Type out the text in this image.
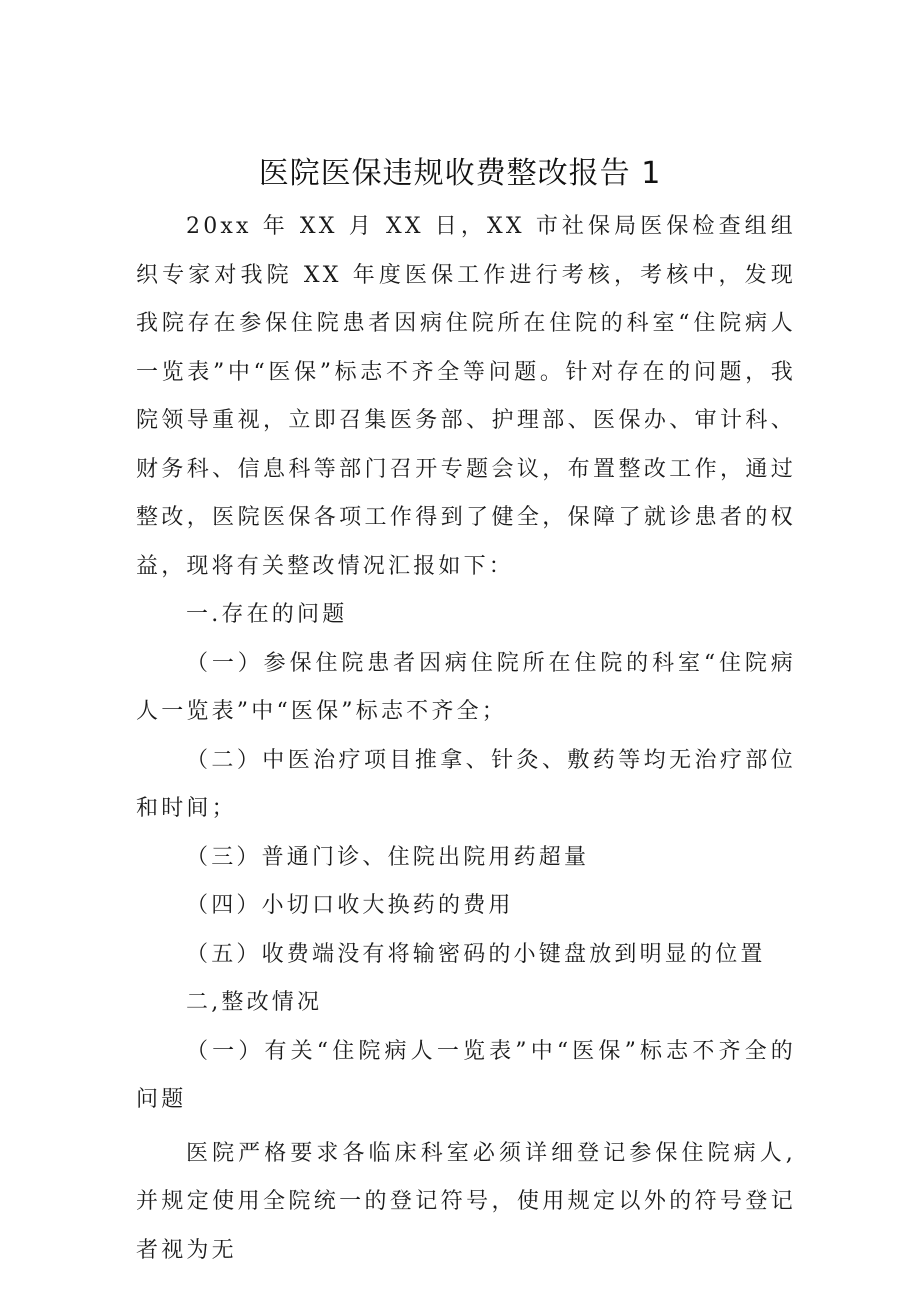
医院医保违规收费整改报告 1

20xx 年 XX 月 XX 日，XX 市社保局医保检查组组织专家对我院 XX 年度医保工作进行考核，考核中，发现我院存在参保住院患者因病住院所在住院的科室“住院病人一览表”中“医保”标志不齐全等问题。针对存在的问题，我院领导重视，立即召集医务部、护理部、医保办、审计科、财务科、信息科等部门召开专题会议，布置整改工作，通过整改，医院医保各项工作得到了健全，保障了就诊患者的权益，现将有关整改情况汇报如下：

一.存在的问题

（一）参保住院患者因病住院所在住院的科室“住院病人一览表”中“医保”标志不齐全；

（二）中医治疗项目推拿、针灸、敷药等均无治疗部位和时间；

（三）普通门诊、住院出院用药超量

（四）小切口收大换药的费用

（五）收费端没有将输密码的小键盘放到明显的位置

二,整改情况

（一）有关“住院病人一览表”中“医保”标志不齐全的问题

医院严格要求各临床科室必须详细登记参保住院病人,并规定使用全院统一的登记符号，使用规定以外的符号登记者视为无
